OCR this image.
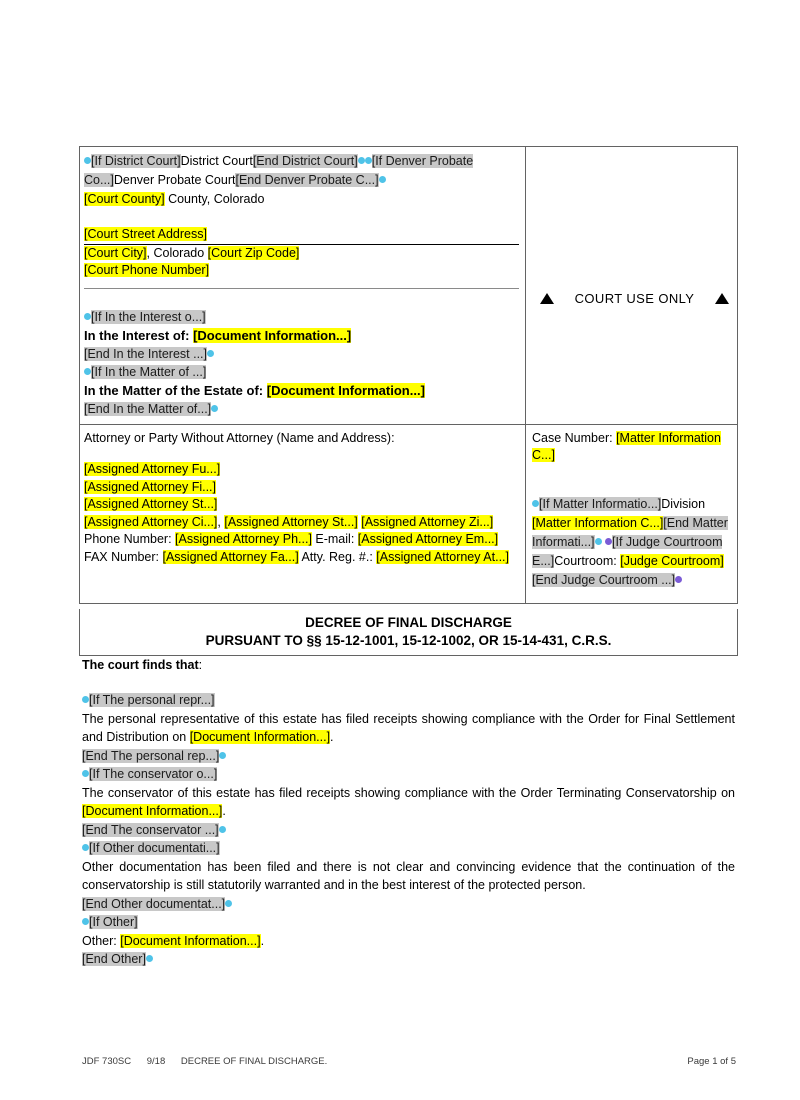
[If District Court]District Court[End District Court] [If Denver Probate Co...]Denver Probate Court[End Denver Probate C...]
[Court County] County, Colorado
[Court Street Address]
[Court City], Colorado [Court Zip Code]
[Court Phone Number]
[If In the Interest o...]
In the Interest of: [Document Information...]
[End In the Interest ...]
[If In the Matter of ...]
In the Matter of the Estate of: [Document Information...]
[End In the Matter of...]
COURT USE ONLY
Attorney or Party Without Attorney (Name and Address):
[Assigned Attorney Fu...]
[Assigned Attorney Fi...]
[Assigned Attorney St...]
[Assigned Attorney Ci...], [Assigned Attorney St...] [Assigned Attorney Zi...]
Phone Number: [Assigned Attorney Ph...] E-mail: [Assigned Attorney Em...]
FAX Number: [Assigned Attorney Fa...] Atty. Reg. #.: [Assigned Attorney At...]
Case Number: [Matter Information C...]
[If Matter Informatio...]Division [Matter Information C...][End Matter Informati...] [If Judge Courtroom E...]Courtroom: [Judge Courtroom][End Judge Courtroom ...]
DECREE OF FINAL DISCHARGE
PURSUANT TO §§ 15-12-1001, 15-12-1002, OR 15-14-431, C.R.S.
The court finds that:
[If The personal repr...]
The personal representative of this estate has filed receipts showing compliance with the Order for Final Settlement and Distribution on [Document Information...].
[End The personal rep...]
[If The conservator o...]
The conservator of this estate has filed receipts showing compliance with the Order Terminating Conservatorship on [Document Information...].
[End The conservator ...]
[If Other documentati...]
Other documentation has been filed and there is not clear and convincing evidence that the continuation of the conservatorship is still statutorily warranted and in the best interest of the protected person.
[End Other documentat...]
[If Other]
Other: [Document Information...].
[End Other]
JDF 730SC 9/18 DECREE OF FINAL DISCHARGE.	Page 1 of 5
